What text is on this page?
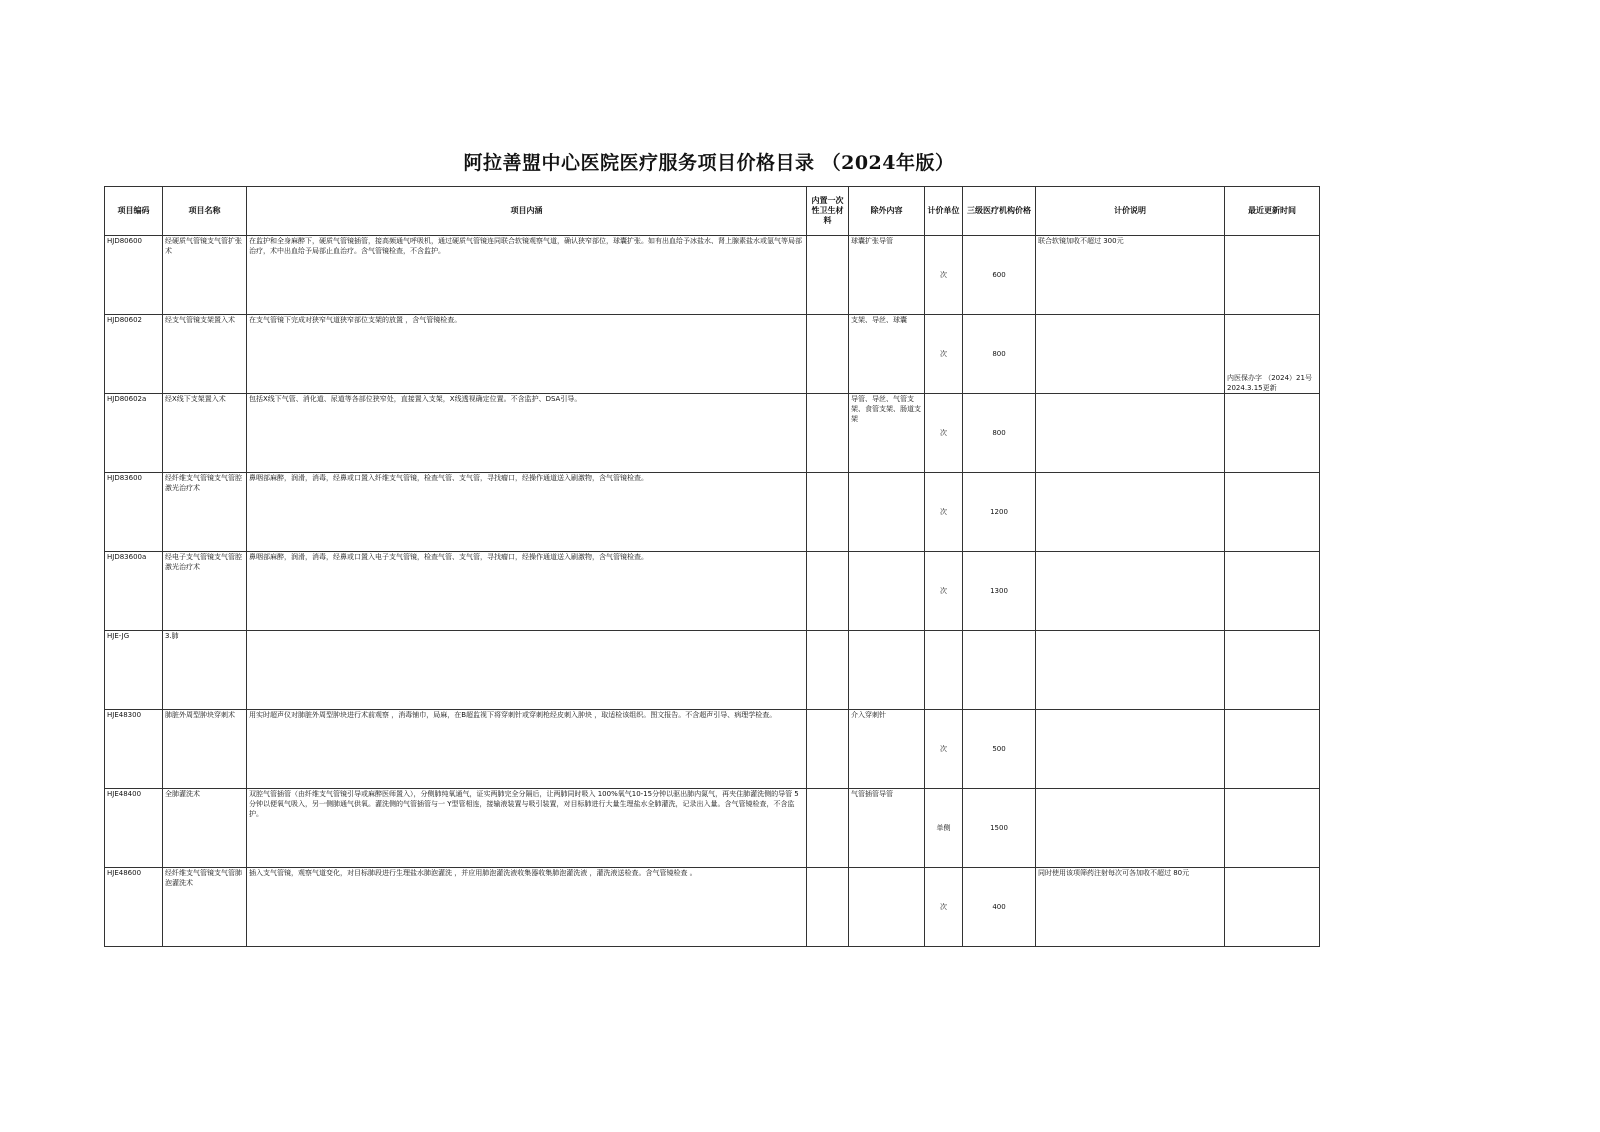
阿拉善盟中心医院医疗服务项目价格目录 （2024年版）
项目编码	项目名称	项目内涵	内置一次性卫生材料	除外内容	计价单位	三级医疗机构价格	计价说明	最近更新时间
HJD80600	经硬质气管镜支气管扩张术	在监护和全身麻醉下，硬质气管镜插管，接高频通气呼吸机，通过硬质气管镜连同联合软镜观察气道，确认狭窄部位，球囊扩张。如有出血给予冰盐水、肾上腺素盐水或氩气等局部治疗，术中出血给予局部止血治疗。含气管镜检查，不含监护。		球囊扩张导管	次	600	联合软镜加收不超过 300元	

HJD80602	经支气管镜支架置入术	在支气管镜下完成对狭窄气道狭窄部位支架的放置 ，含气管镜检查。		支架、导丝、球囊	次	800		内医保办字 （2024）21号 2024.3.15更新

HJD80602a	经X线下支架置入术	包括X线下气管、消化道、尿道等各部位狭窄处，直接置入支架，X线透视确定位置。不含监护、DSA引导。		导管、导丝、气管支架、食管支架、肠道支架	次	800		

HJD83600	经纤维支气管镜支气管腔激光治疗术	鼻咽部麻醉，润滑，消毒，经鼻或口置入纤维支气管镜，检查气管、支气管，寻找瘤口，经操作通道送入刷激物，含气管镜检查。			次	1200		

HJD83600a	经电子支气管镜支气管腔激光治疗术	鼻咽部麻醉，润滑，消毒，经鼻或口置入电子支气管镜，检查气管、支气管，寻找瘤口，经操作通道送入刷激物，含气管镜检查。			次	1300		

HJE-JG	3.肺							

HJE48300	肺脏外周型肿块穿刺术	用实时超声仪对肺脏外周型肿块进行术前观察 ，消毒铺巾，局麻，在B超监视下将穿刺针或穿刺枪经皮刺入肿块 ，取适检该组织。图文报告。不含超声引导、病理学检查。		介入穿刺针	次	500		

HJE48400	全肺灌洗术	双腔气管插管（由纤维支气管镜引导或麻醉医师置入），分侧肺纯氧通气，证实两肺完全分隔后，让两肺同时吸入 100%氧气10-15分钟以驱出肺内氮气，再夹住肺灌洗侧的导管 5分钟以便氧气吸入，另一侧肺通气供氧。灌洗侧的气管插管与一 Y型管相连，接输液装置与吸引装置，对目标肺进行大量生理盐水全肺灌洗，记录出入量。含气管镜检查，不含监护。		气管插管导管	单侧	1500		

HJE48600	经纤维支气管镜支气管肺泡灌洗术	插入支气管镜，观察气道变化，对目标肺段进行生理盐水肺泡灌洗 ，并应用肺泡灌洗液收集器收集肺泡灌洗液 ，灌洗液送检查。含气管镜检查 。			次	400	同时使用该项筛药注射每次可各加收不超过 80元	
